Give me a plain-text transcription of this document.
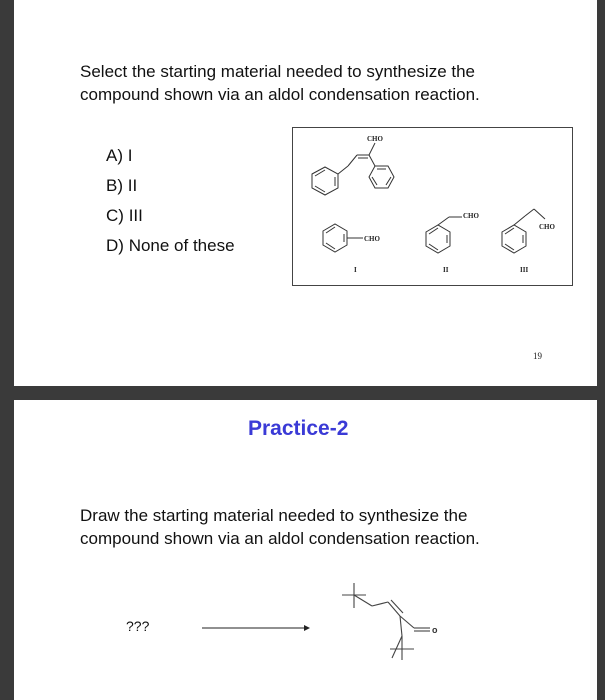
Select the starting material needed to synthesize the
compound shown via an aldol condensation reaction.
A) I
B) II
C) III
D) None of these
CHO
CHO
CHO
CHO
I	II	III
19
Practice-2
Draw the starting material needed to synthesize the
compound shown via an aldol condensation reaction.
???	o
